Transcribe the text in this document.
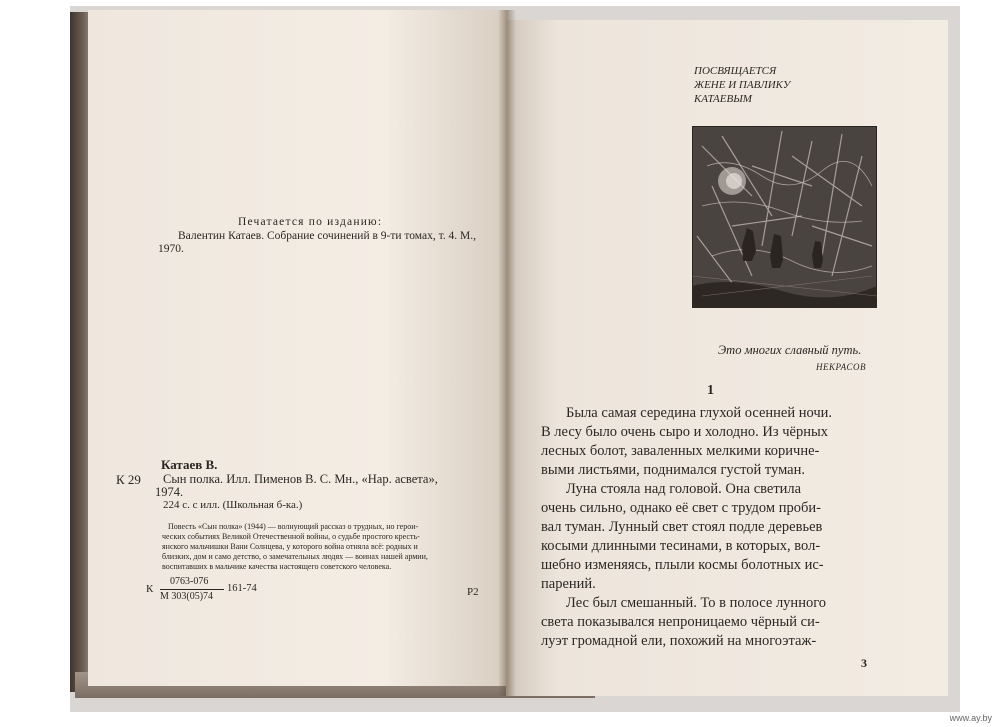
Печатается по изданию:
Валентин Катаев. Собрание сочинений в 9-ти томах, т. 4. М.,
1970.
Катаев В.
К 29 Сын полка. Илл. Пименов В. С. Мн., «Нар. асвета»,
1974.
224 с. с илл. (Школьная б-ка.)
Повесть «Сын полка» (1944) — волнующий рассказ о трудных, но герои-
ческих событиях Великой Отечественной войны, о судьбе простого кресть-
янского мальчишки Вани Солнцева, у которого война отняла всё: родных и
близких, дом и само детство, о замечательных людях — воинах нашей армии,
воспитавших в мальчике качества настоящего советского человека.
К
0763-076
М 303(05)74
161-74	Р2
ПОСВЯЩАЕТСЯ
ЖЕНЕ И ПАВЛИКУ
КАТАЕВЫМ
Это многих славный путь.
НЕКРАСОВ
1
Была самая середина глухой осенней ночи.
В лесу было очень сыро и холодно. Из чёрных
лесных болот, заваленных мелкими коричне-
выми листьями, поднимался густой туман.
Луна стояла над головой. Она светила
очень сильно, однако её свет с трудом проби-
вал туман. Лунный свет стоял подле деревьев
косыми длинными тесинами, в которых, вол-
шебно изменяясь, плыли космы болотных ис-
парений.
Лес был смешанный. То в полосе лунного
света показывался непроницаемо чёрный си-
луэт громадной ели, похожий на многоэтаж-
3
www.ay.by
